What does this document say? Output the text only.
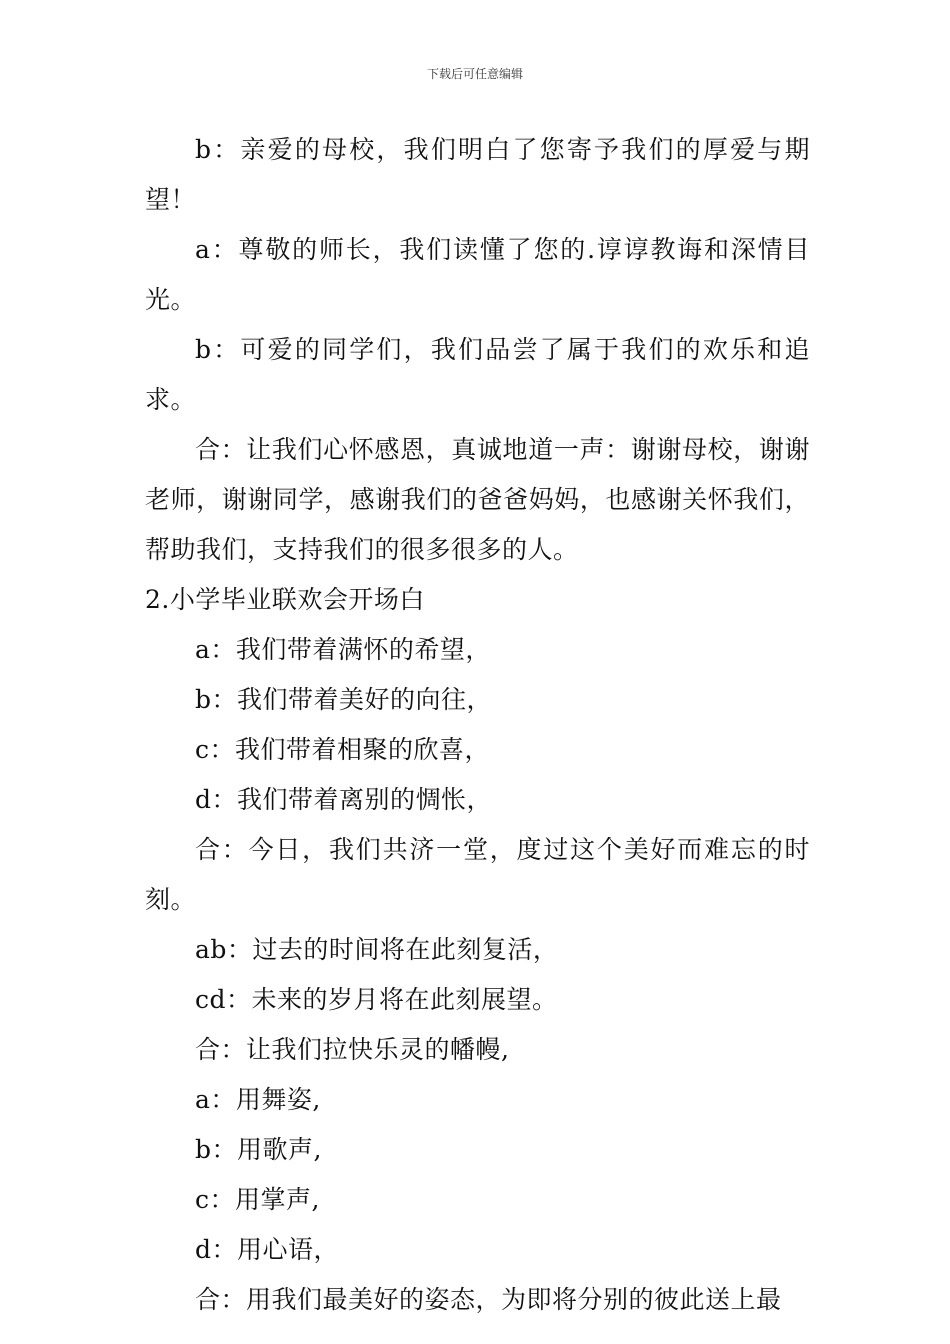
下载后可任意编辑

b：亲爱的母校，我们明白了您寄予我们的厚爱与期望！

a：尊敬的师长，我们读懂了您的.谆谆教诲和深情目光。

b：可爱的同学们，我们品尝了属于我们的欢乐和追求。

合：让我们心怀感恩，真诚地道一声：谢谢母校，谢谢老师，谢谢同学，感谢我们的爸爸妈妈，也感谢关怀我们，帮助我们，支持我们的很多很多的人。

2.小学毕业联欢会开场白

a：我们带着满怀的希望，

b：我们带着美好的向往，

c：我们带着相聚的欣喜，

d：我们带着离别的惆怅，

合：今日，我们共济一堂，度过这个美好而难忘的时刻。

ab：过去的时间将在此刻复活，

cd：未来的岁月将在此刻展望。

合：让我们拉快乐灵的幡幔,

a：用舞姿,

b：用歌声,

c：用掌声,

d：用心语，

合：用我们最美好的姿态，为即将分别的彼此送上最
